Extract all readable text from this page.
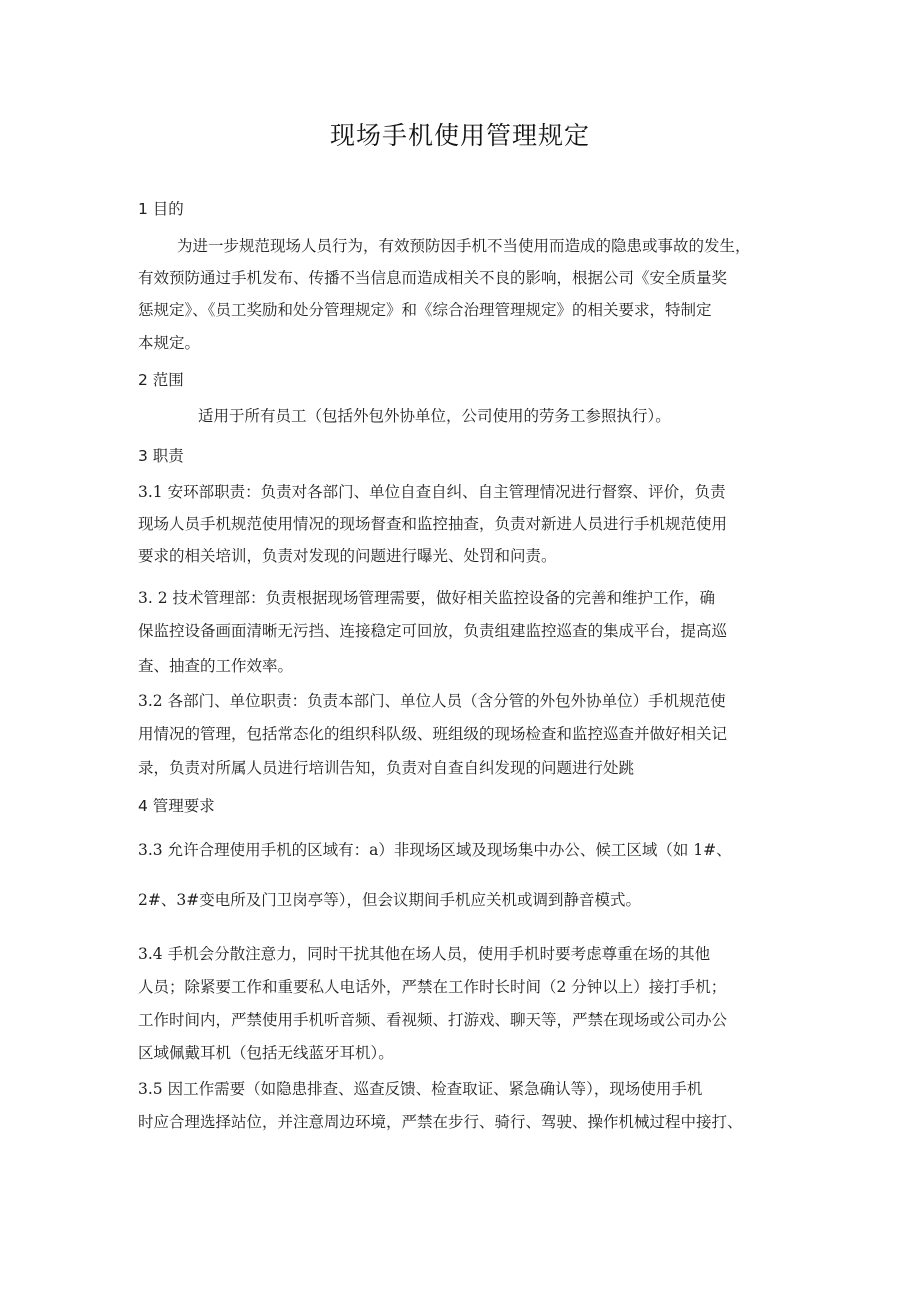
现场手机使用管理规定
1 目的
为进一步规范现场人员行为，有效预防因手机不当使用而造成的隐患或事故的发生，
有效预防通过手机发布、传播不当信息而造成相关不良的影响，根据公司《安全质量奖
惩规定》、《员工奖励和处分管理规定》和《综合治理管理规定》的相关要求，特制定
本规定。
2 范围
适用于所有员工（包括外包外协单位，公司使用的劳务工参照执行）。
3 职责
3.1 安环部职责：负责对各部门、单位自查自纠、自主管理情况进行督察、评价，负责
现场人员手机规范使用情况的现场督查和监控抽查，负责对新进人员进行手机规范使用
要求的相关培训，负责对发现的问题进行曝光、处罚和问责。
3. 2 技术管理部：负责根据现场管理需要，做好相关监控设备的完善和维护工作，确
保监控设备画面清晰无污挡、连接稳定可回放，负责组建监控巡查的集成平台，提高巡
查、抽查的工作效率。
3.2 各部门、单位职责：负责本部门、单位人员（含分管的外包外协单位）手机规范使
用情况的管理，包括常态化的组织科队级、班组级的现场检查和监控巡查并做好相关记
录，负责对所属人员进行培训告知，负责对自查自纠发现的问题进行处跳
4 管理要求
3.3 允许合理使用手机的区域有：a）非现场区域及现场集中办公、候工区域（如 1#、
2#、3#变电所及门卫岗亭等），但会议期间手机应关机或调到静音模式。
3.4 手机会分散注意力，同时干扰其他在场人员，使用手机时要考虑尊重在场的其他
人员；除紧要工作和重要私人电话外，严禁在工作时长时间（2 分钟以上）接打手机；
工作时间内，严禁使用手机听音频、看视频、打游戏、聊天等，严禁在现场或公司办公
区域佩戴耳机（包括无线蓝牙耳机）。
3.5 因工作需要（如隐患排查、巡查反馈、检查取证、紧急确认等），现场使用手机
时应合理选择站位，并注意周边环境，严禁在步行、骑行、驾驶、操作机械过程中接打、
